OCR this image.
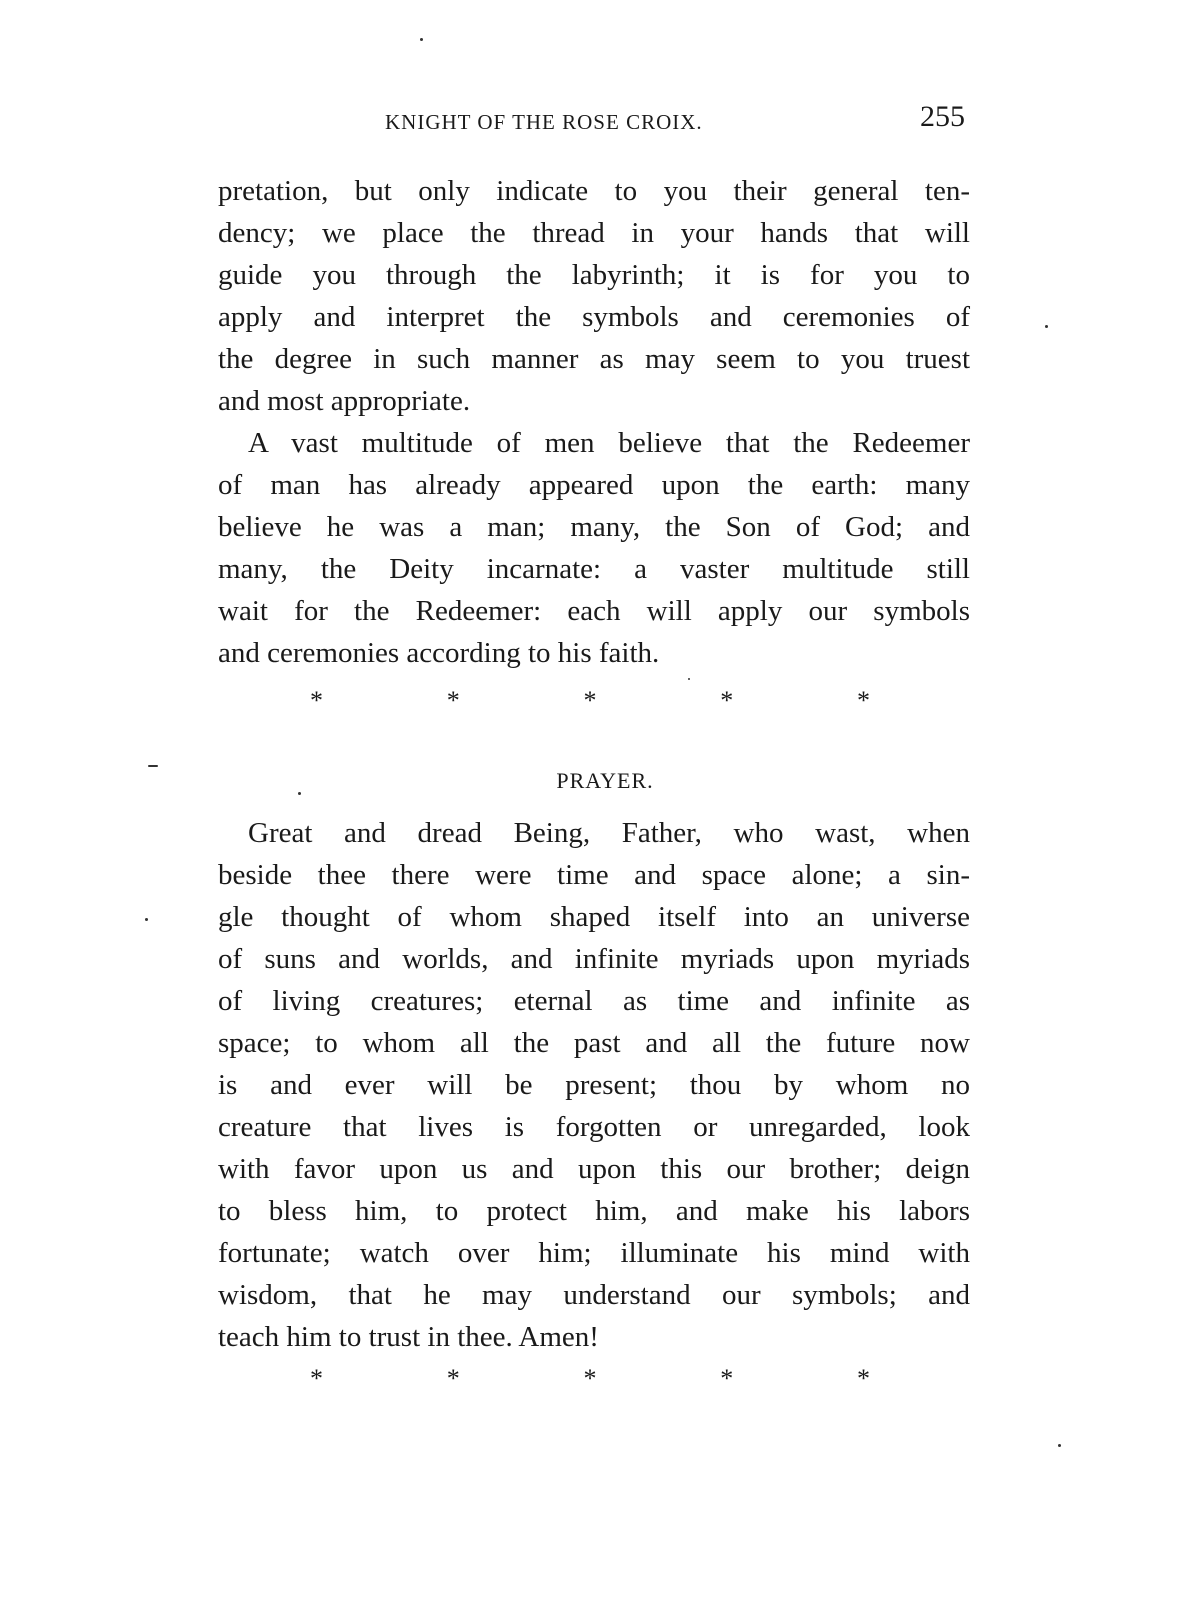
KNIGHT OF THE ROSE CROIX.	255
pretation, but only indicate to you their general ten-
dency; we place the thread in your hands that will
guide you through the labyrinth; it is for you to
apply and interpret the symbols and ceremonies of
the degree in such manner as may seem to you truest
and most appropriate.
A vast multitude of men believe that the Redeemer
of man has already appeared upon the earth: many
believe he was a man; many, the Son of God; and
many, the Deity incarnate: a vaster multitude still
wait for the Redeemer: each will apply our symbols
and ceremonies according to his faith.
*	*	*	*	*
PRAYER.
Great and dread Being, Father, who wast, when
beside thee there were time and space alone; a sin-
gle thought of whom shaped itself into an universe
of suns and worlds, and infinite myriads upon myriads
of living creatures; eternal as time and infinite as
space; to whom all the past and all the future now
is and ever will be present; thou by whom no
creature that lives is forgotten or unregarded, look
with favor upon us and upon this our brother; deign
to bless him, to protect him, and make his labors
fortunate; watch over him; illuminate his mind with
wisdom, that he may understand our symbols; and
teach him to trust in thee. Amen!
*	*	*	*	*
